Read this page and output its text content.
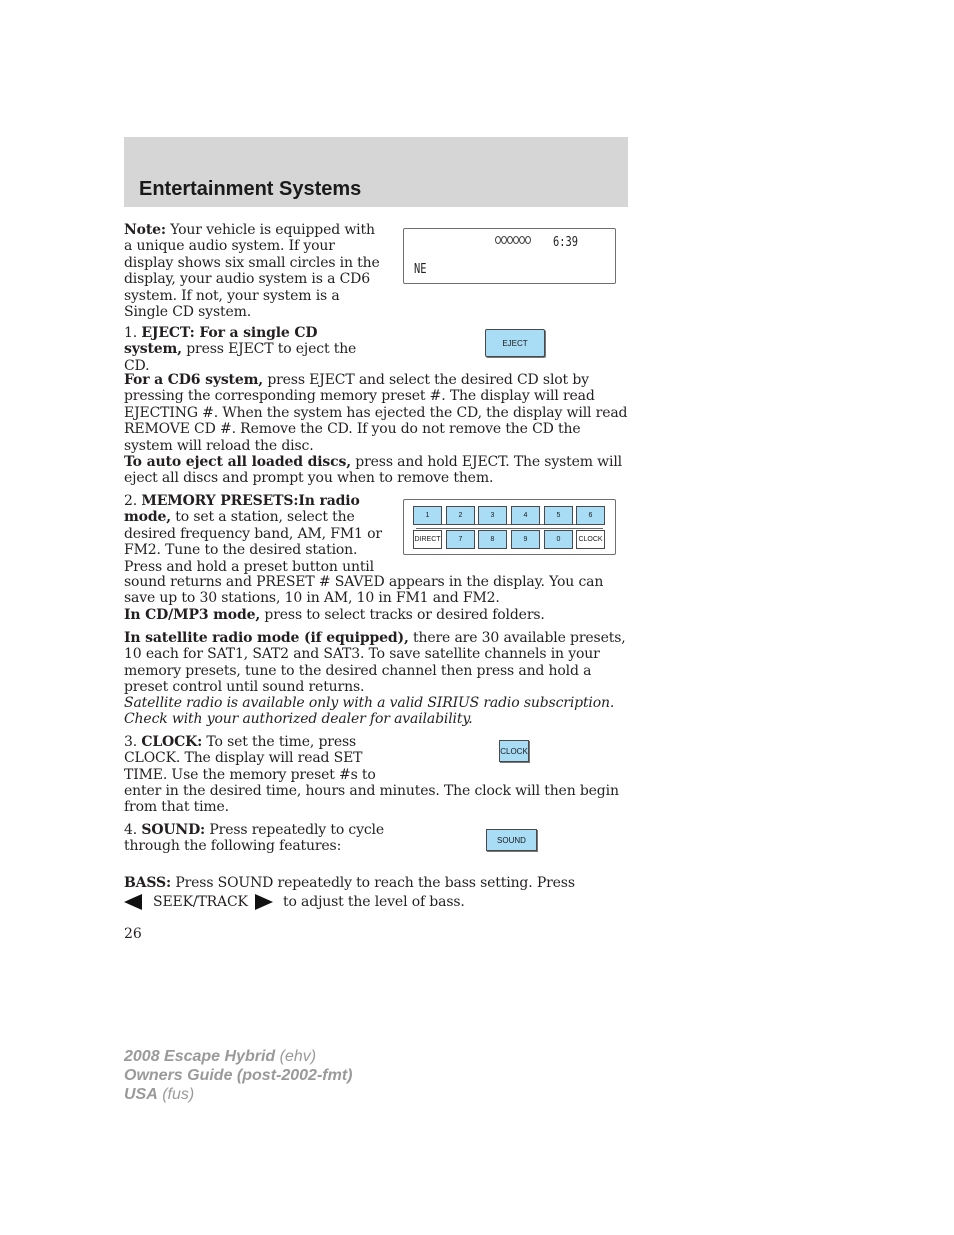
Entertainment Systems
Note: Your vehicle is equipped with a unique audio system. If your display shows six small circles in the display, your audio system is a CD6 system. If not, your system is a Single CD system.
6:39
NE
1. EJECT: For a single CD system, press EJECT to eject the CD.
EJECT
For a CD6 system, press EJECT and select the desired CD slot by pressing the corresponding memory preset #. The display will read EJECTING #. When the system has ejected the CD, the display will read REMOVE CD #. Remove the CD. If you do not remove the CD the system will reload the disc.
To auto eject all loaded discs, press and hold EJECT. The system will eject all discs and prompt you when to remove them.
2. MEMORY PRESETS:In radio mode, to set a station, select the desired frequency band, AM, FM1 or FM2. Tune to the desired station. Press and hold a preset button until
1	2	3	4	5	6
DIRECT	7	8	9	0	CLOCK
sound returns and PRESET # SAVED appears in the display. You can save up to 30 stations, 10 in AM, 10 in FM1 and FM2.
In CD/MP3 mode, press to select tracks or desired folders.
In satellite radio mode (if equipped), there are 30 available presets, 10 each for SAT1, SAT2 and SAT3. To save satellite channels in your memory presets, tune to the desired channel then press and hold a preset control until sound returns.
Satellite radio is available only with a valid SIRIUS radio subscription. Check with your authorized dealer for availability.
3. CLOCK: To set the time, press CLOCK. The display will read SET TIME. Use the memory preset #s to
CLOCK
enter in the desired time, hours and minutes. The clock will then begin from that time.
4. SOUND: Press repeatedly to cycle through the following features:	SOUND
BASS: Press SOUND repeatedly to reach the bass setting. Press
SEEK/TRACK	to adjust the level of bass.
26
2008 Escape Hybrid (ehv)
Owners Guide (post-2002-fmt)
USA (fus)
